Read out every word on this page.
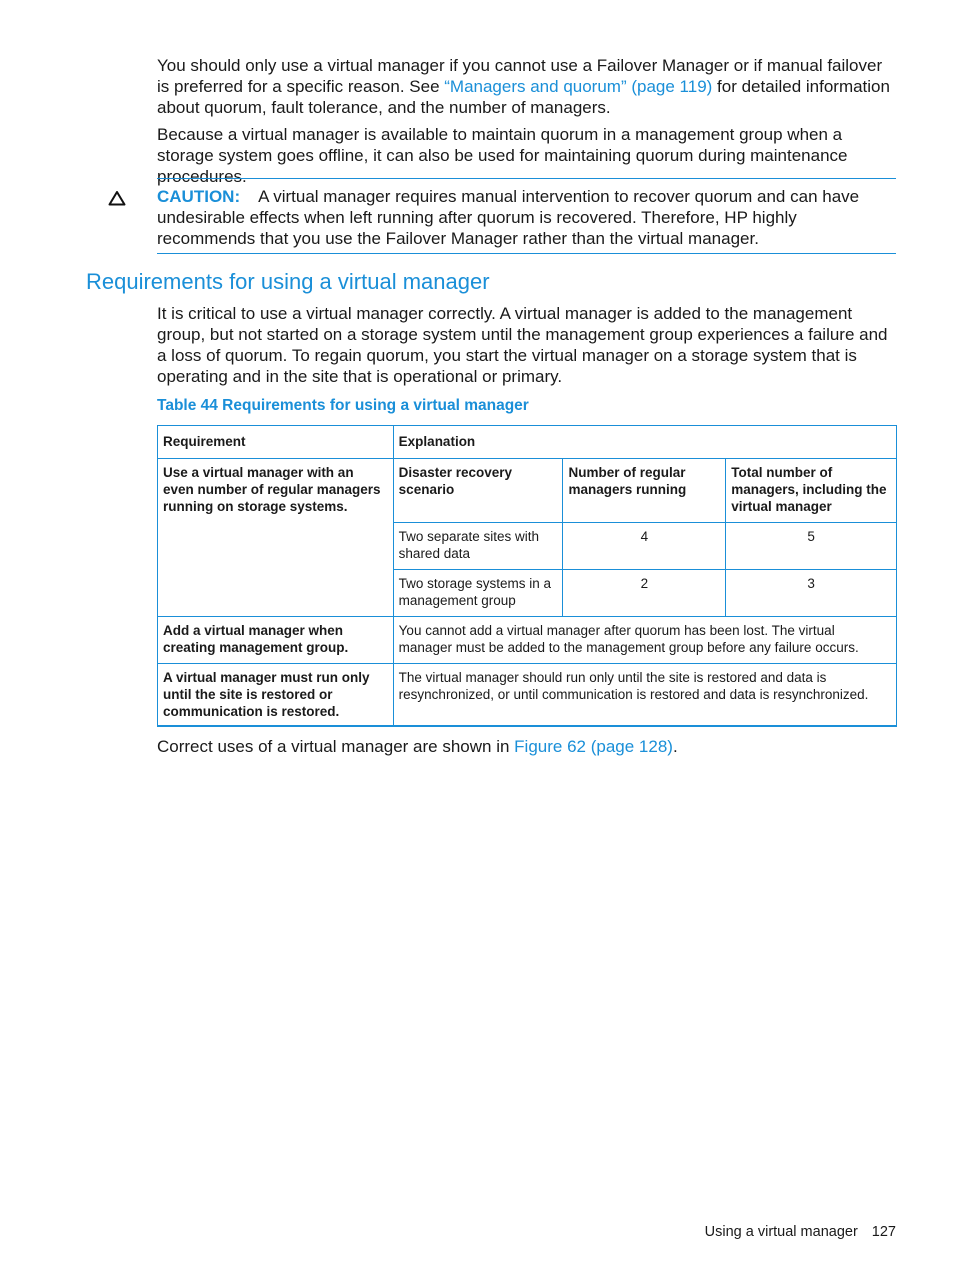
You should only use a virtual manager if you cannot use a Failover Manager or if manual failover is preferred for a specific reason. See “Managers and quorum” (page 119) for detailed information about quorum, fault tolerance, and the number of managers.

Because a virtual manager is available to maintain quorum in a management group when a storage system goes offline, it can also be used for maintaining quorum during maintenance procedures.

CAUTION: A virtual manager requires manual intervention to recover quorum and can have undesirable effects when left running after quorum is recovered. Therefore, HP highly recommends that you use the Failover Manager rather than the virtual manager.
Requirements for using a virtual manager
It is critical to use a virtual manager correctly. A virtual manager is added to the management group, but not started on a storage system until the management group experiences a failure and a loss of quorum. To regain quorum, you start the virtual manager on a storage system that is operating and in the site that is operational or primary.
Table 44 Requirements for using a virtual manager
Requirement	Explanation		
Use a virtual manager with an even number of regular managers running on storage systems.	Disaster recovery scenario	Number of regular managers running	Total number of managers, including the virtual manager
	Two separate sites with shared data	4	5
	Two storage systems in a management group	2	3
Add a virtual manager when creating management group.	You cannot add a virtual manager after quorum has been lost. The virtual manager must be added to the management group before any failure occurs.		
A virtual manager must run only until the site is restored or communication is restored.	The virtual manager should run only until the site is restored and data is resynchronized, or until communication is restored and data is resynchronized.		
Correct uses of a virtual manager are shown in Figure 62 (page 128).
Using a virtual manager 127
